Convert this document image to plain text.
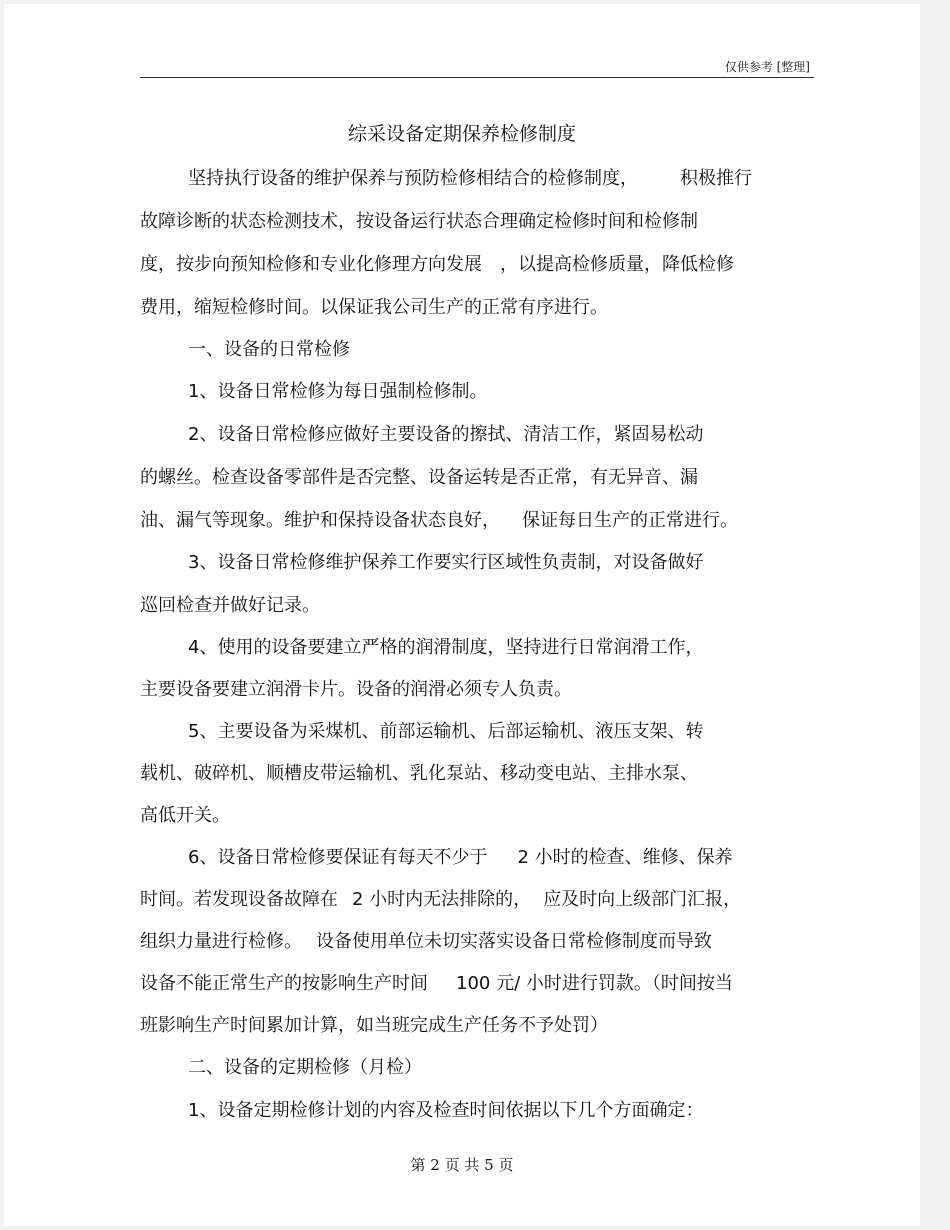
仅供参考 [整理]
综采设备定期保养检修制度
坚持执行设备的维护保养与预防检修相结合的检修制度， 积极推行
故障诊断的状态检测技术，按设备运行状态合理确定检修时间和检修制
度，按步向预知检修和专业化修理方向发展 ，以提高检修质量，降低检修
费用，缩短检修时间。以保证我公司生产的正常有序进行。
一、设备的日常检修
1、设备日常检修为每日强制检修制。
2、设备日常检修应做好主要设备的擦拭、清洁工作，紧固易松动
的螺丝。检查设备零部件是否完整、设备运转是否正常，有无异音、漏
油、漏气等现象。维护和保持设备状态良好， 保证每日生产的正常进行。
3、设备日常检修维护保养工作要实行区域性负责制，对设备做好
巡回检查并做好记录。
4、使用的设备要建立严格的润滑制度，坚持进行日常润滑工作，
主要设备要建立润滑卡片。设备的润滑必须专人负责。
5、主要设备为采煤机、前部运输机、后部运输机、液压支架、转
载机、破碎机、顺槽皮带运输机、乳化泵站、移动变电站、主排水泵、
高低开关。
6、设备日常检修要保证有每天不少于 2 小时的检查、维修、保养
时间。若发现设备故障在 2 小时内无法排除的， 应及时向上级部门汇报，
组织力量进行检修。 设备使用单位未切实落实设备日常检修制度而导致
设备不能正常生产的按影响生产时间 100 元/ 小时进行罚款。（时间按当
班影响生产时间累加计算，如当班完成生产任务不予处罚）
二、设备的定期检修（月检）
1、设备定期检修计划的内容及检查时间依据以下几个方面确定：
第 2 页 共 5 页
